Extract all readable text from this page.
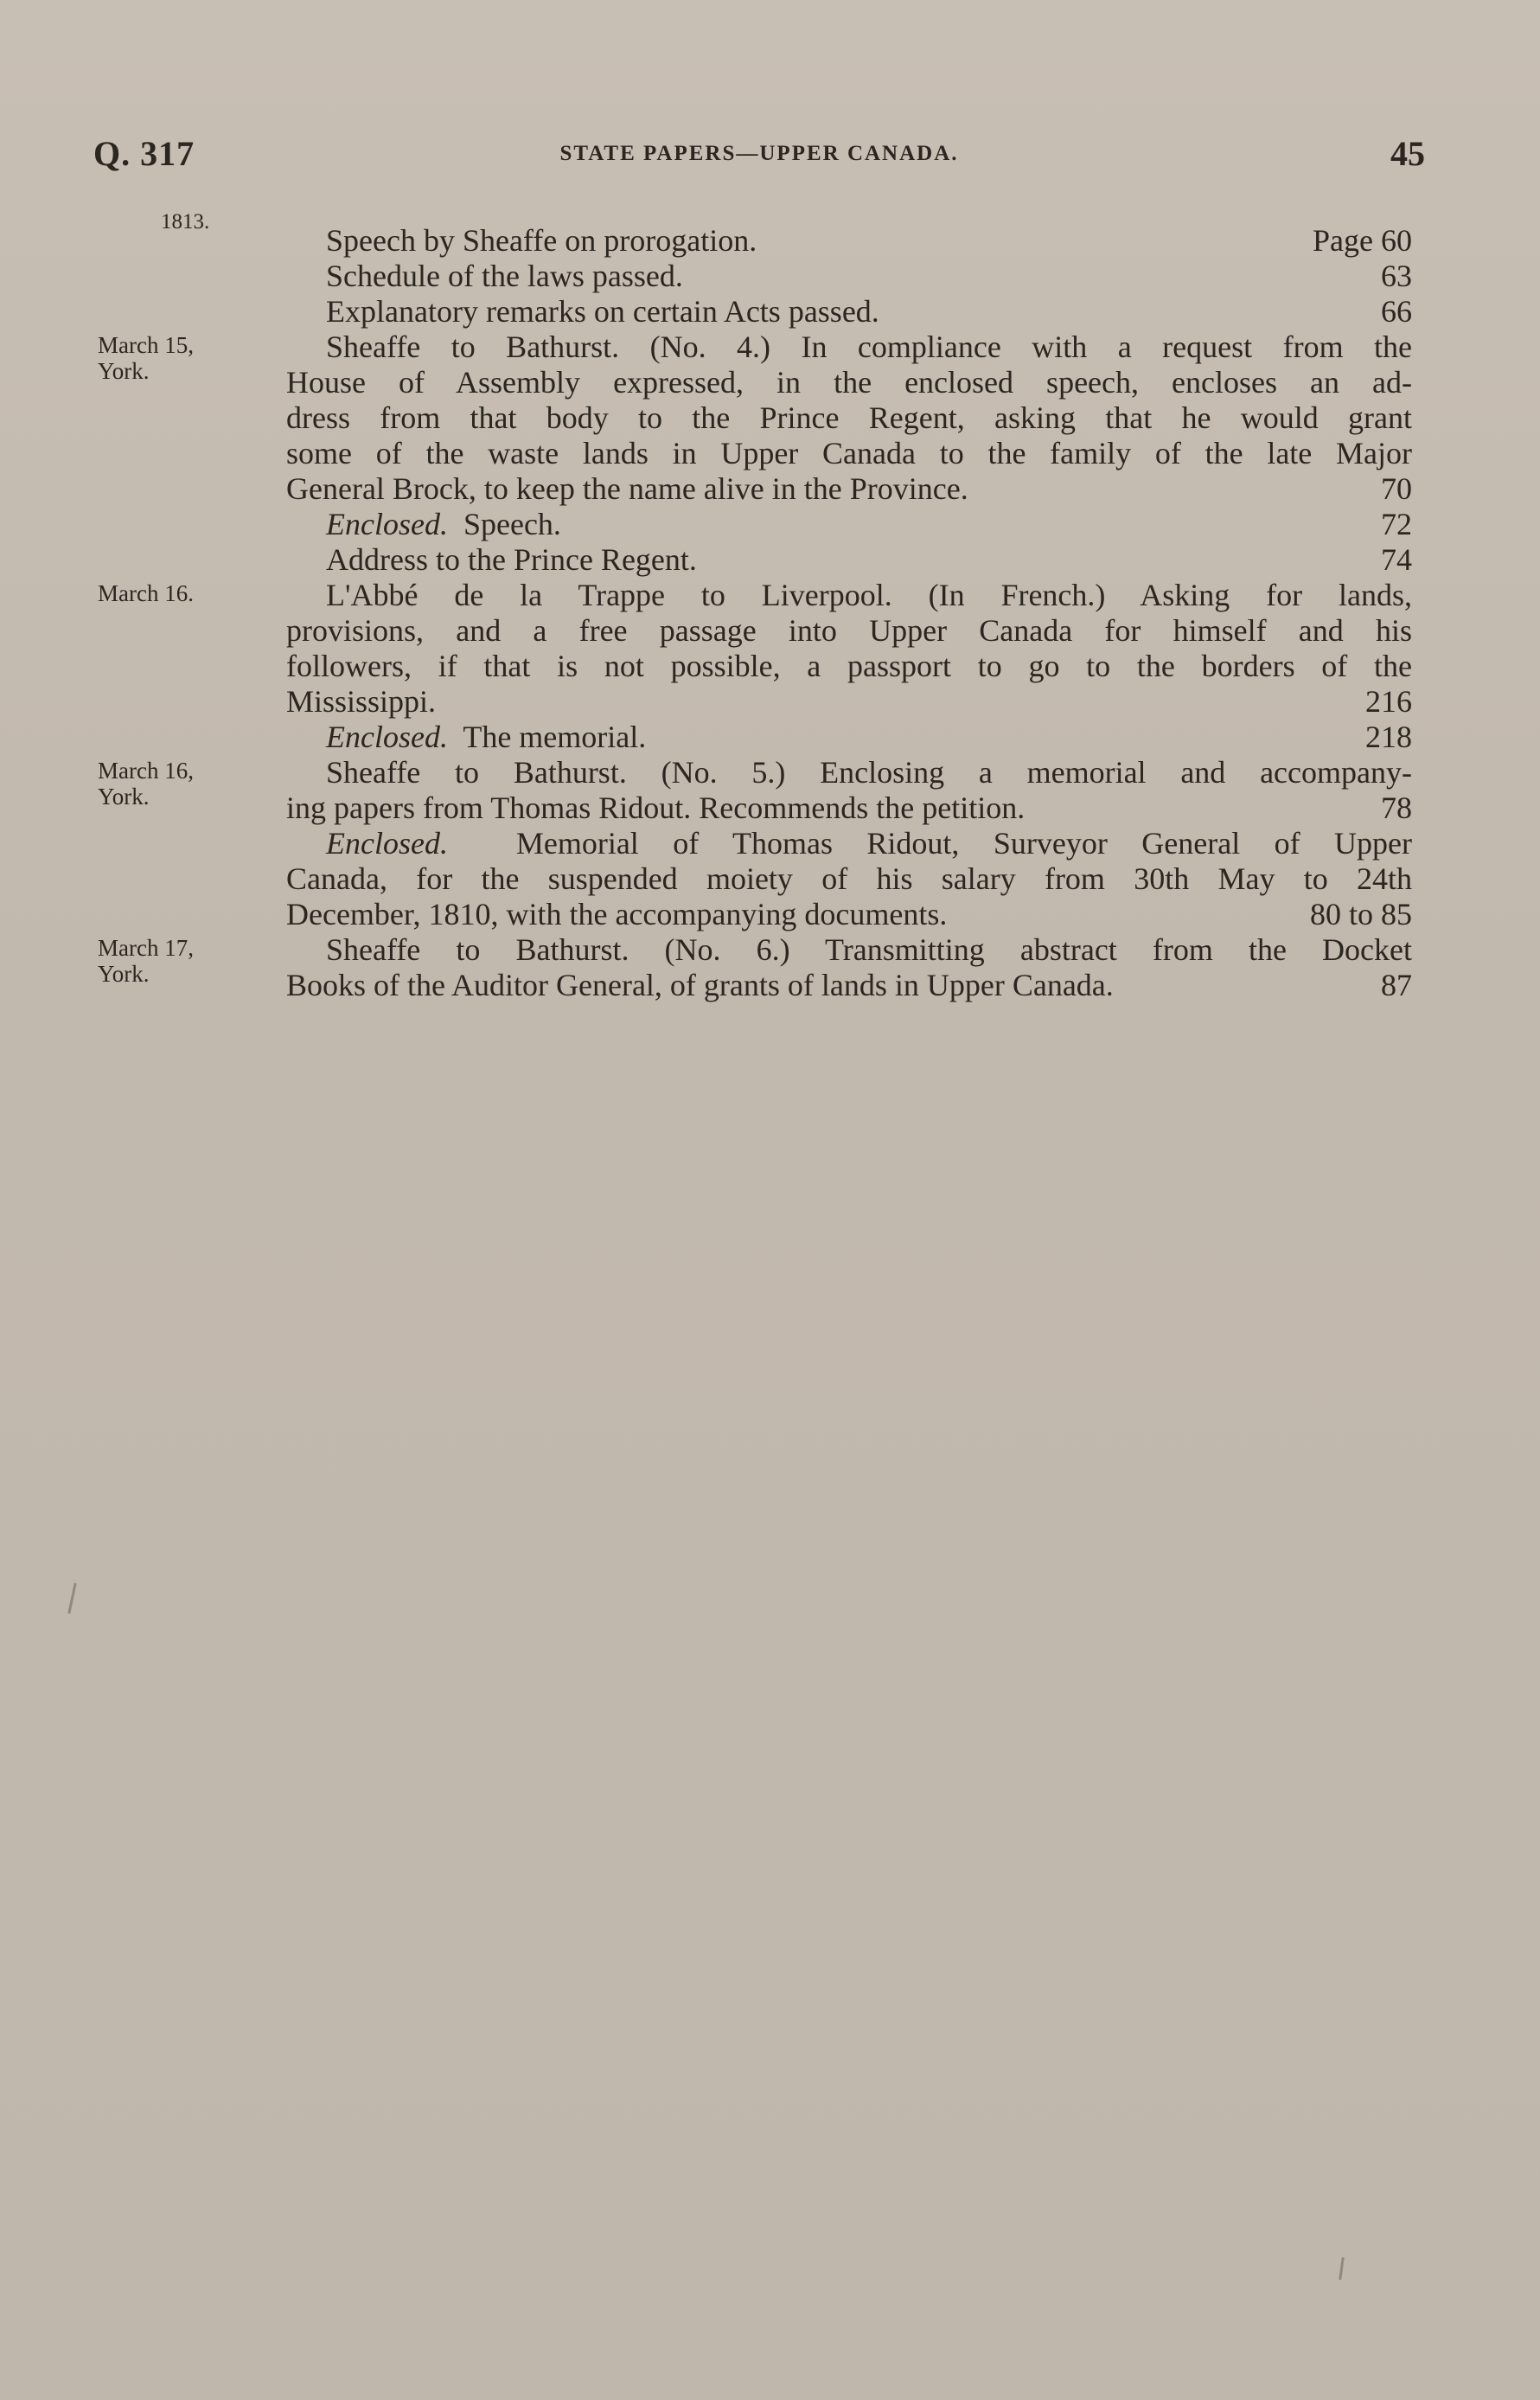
Q. 317	STATE PAPERS—UPPER CANADA.	45
1813.
Speech by Sheaffe on prorogation.	Page 60
Schedule of the laws passed.	63
Explanatory remarks on certain Acts passed.	66
March 15,
York.
Sheaffe to Bathurst. (No. 4.) In compliance with a request from the
House of Assembly expressed, in the enclosed speech, encloses an ad-
dress from that body to the Prince Regent, asking that he would grant
some of the waste lands in Upper Canada to the family of the late Major
General Brock, to keep the name alive in the Province.	70
Enclosed. Speech.	72
Address to the Prince Regent.	74
March 16.	L'Abbé de la Trappe to Liverpool. (In French.) Asking for lands,
provisions, and a free passage into Upper Canada for himself and his
followers, if that is not possible, a passport to go to the borders of the
Mississippi.	216
Enclosed. The memorial.	218
March 16,
York.
Sheaffe to Bathurst. (No. 5.) Enclosing a memorial and accompany-
ing papers from Thomas Ridout. Recommends the petition.	78
Enclosed. Memorial of Thomas Ridout, Surveyor General of Upper
Canada, for the suspended moiety of his salary from 30th May to 24th
December, 1810, with the accompanying documents.	80 to 85
March 17,
York.
Sheaffe to Bathurst. (No. 6.) Transmitting abstract from the Docket
Books of the Auditor General, of grants of lands in Upper Canada.	87
